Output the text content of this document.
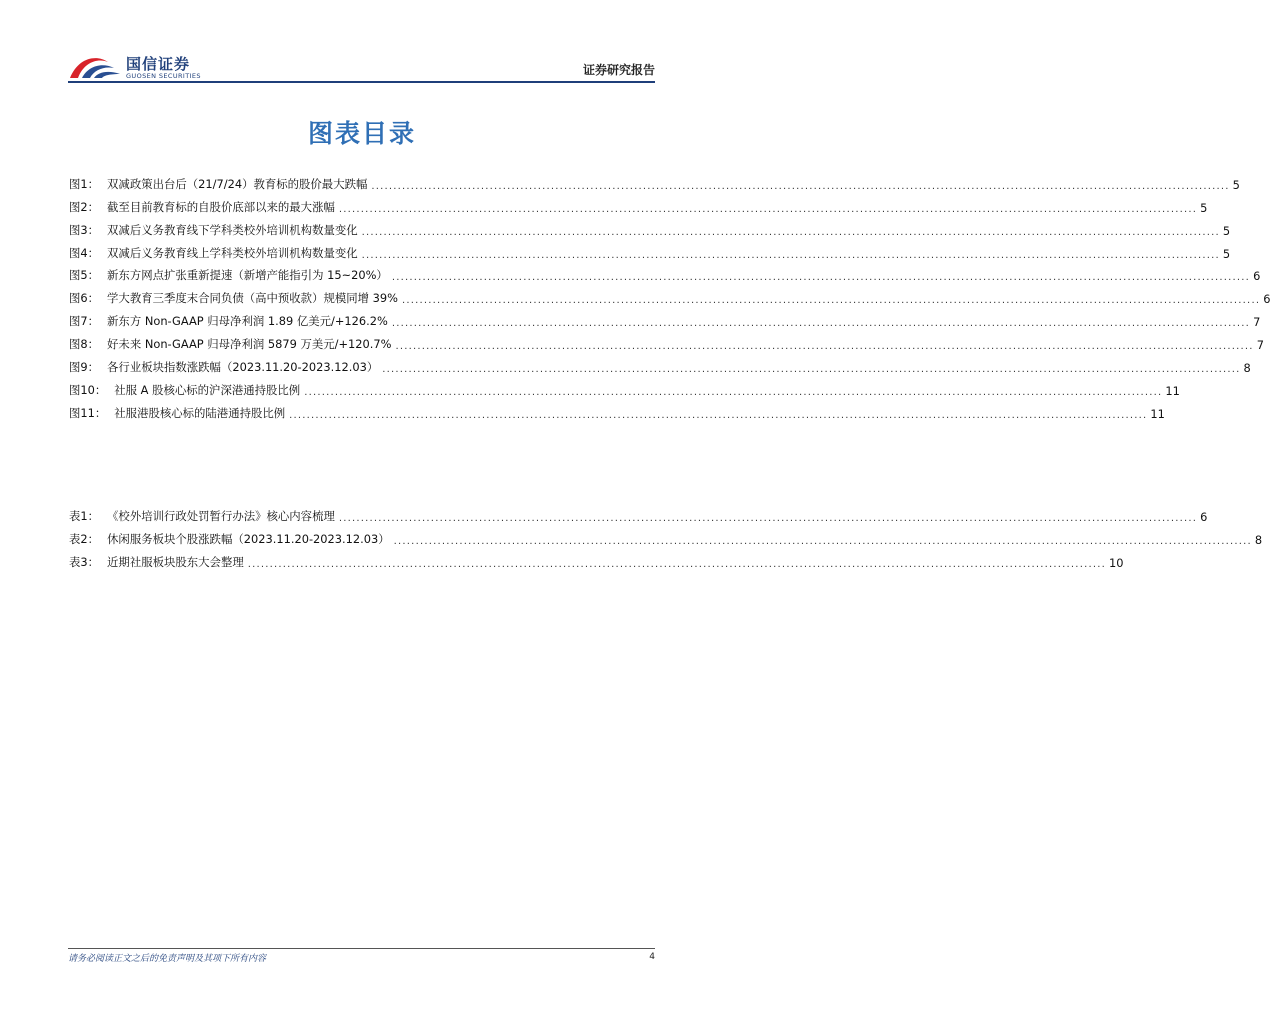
国信证券
GUOSEN SECURITIES	证券研究报告
图表目录
图1： 双减政策出台后（21/7/24）教育标的股价最大跌幅 .....	5
图2： 截至目前教育标的自股价底部以来的最大涨幅 .....	5
图3： 双减后义务教育线下学科类校外培训机构数量变化 .....	5
图4： 双减后义务教育线上学科类校外培训机构数量变化 .....	5
图5： 新东方网点扩张重新提速（新增产能指引为 15~20%） .....	6
图6： 学大教育三季度末合同负债（高中预收款）规模同增 39% .....	6
图7： 新东方 Non-GAAP 归母净利润 1.89 亿美元/+126.2% .....	7
图8： 好未来 Non-GAAP 归母净利润 5879 万美元/+120.7% .....	7
图9： 各行业板块指数涨跌幅（2023.11.20-2023.12.03） .....	8
图10： 社服 A 股核心标的沪深港通持股比例 .....	11
图11： 社服港股核心标的陆港通持股比例 .....	11
表1： 《校外培训行政处罚暂行办法》核心内容梳理 .....	6
表2： 休闲服务板块个股涨跌幅（2023.11.20-2023.12.03） .....	8
表3： 近期社服板块股东大会整理 .....	10
请务必阅读正文之后的免责声明及其项下所有内容	4
